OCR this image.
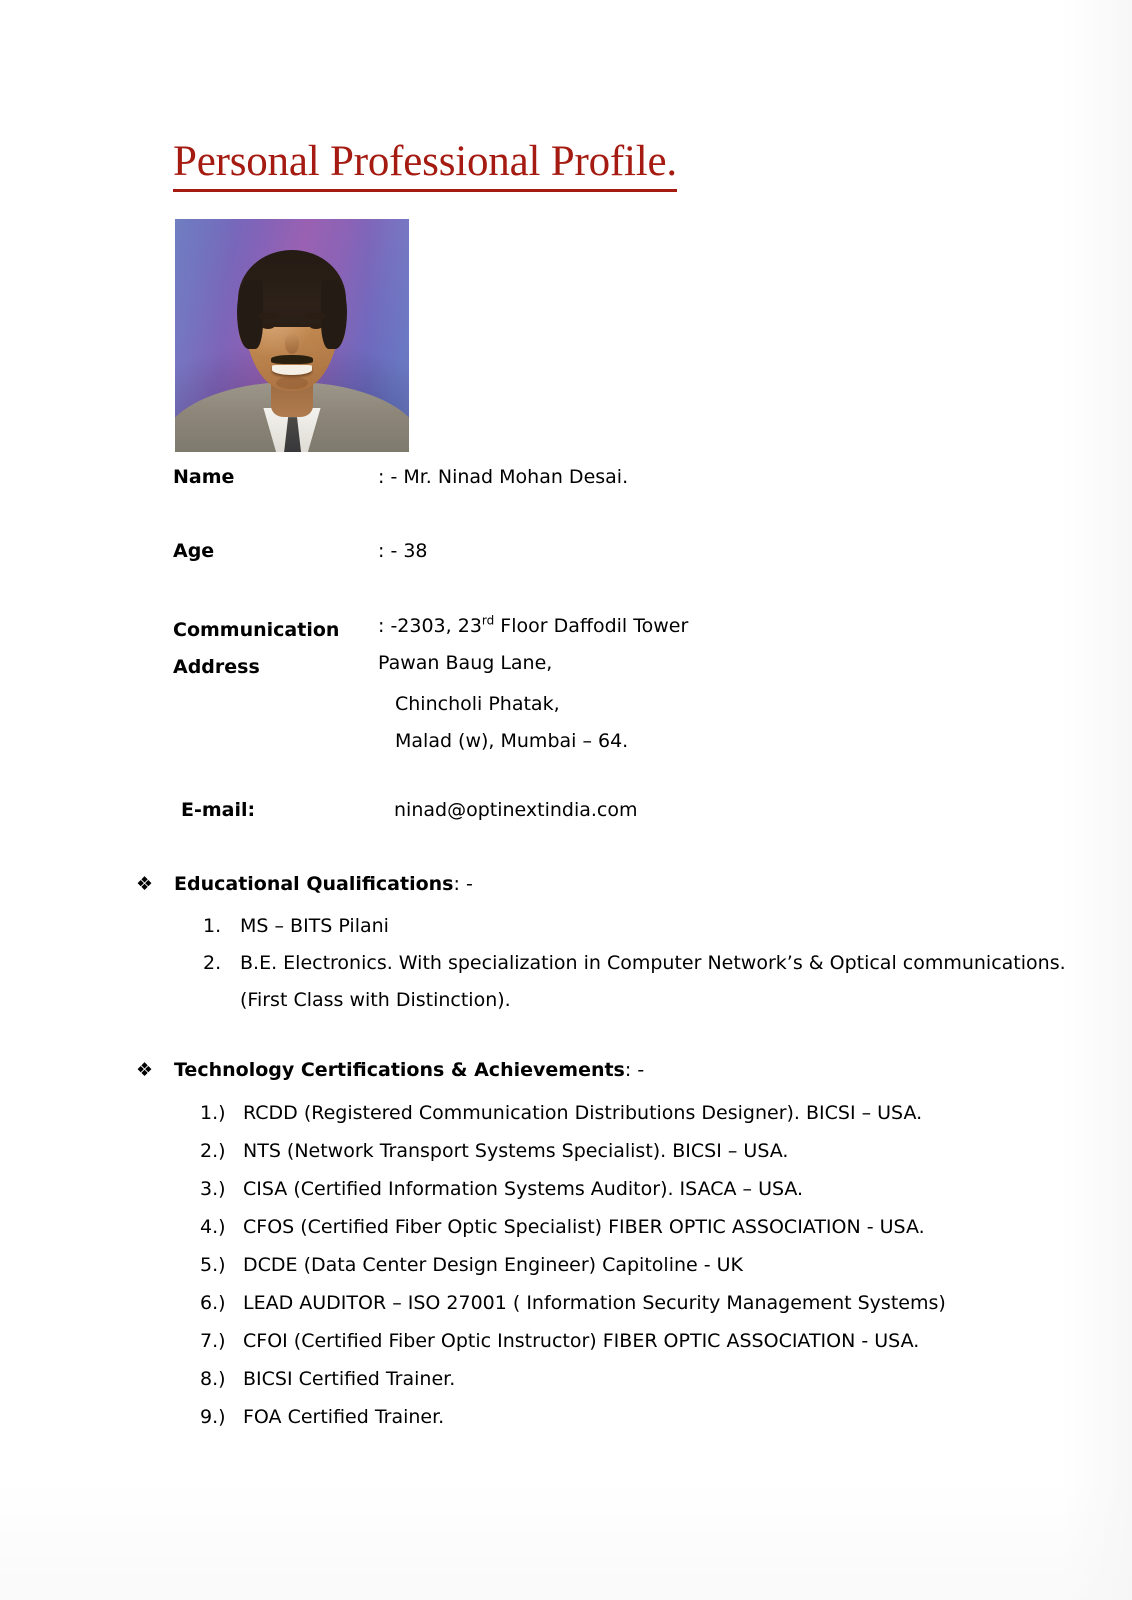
Personal Professional Profile.
Name	: - Mr. Ninad Mohan Desai.
Age	: - 38
Communication	: -2303, 23rd Floor Daffodil Tower
Address	Pawan Baug Lane,
Chincholi Phatak,
Malad (w), Mumbai – 64.
E-mail:	ninad@optinextindia.com
❖	Educational Qualifications : -
1. MS – BITS Pilani
2. B.E. Electronics. With specialization in Computer Network’s & Optical communications.
(First Class with Distinction).
❖	Technology Certifications & Achievements : -
1.) RCDD (Registered Communication Distributions Designer). BICSI – USA.
2.) NTS (Network Transport Systems Specialist). BICSI – USA.
3.) CISA (Certified Information Systems Auditor). ISACA – USA.
4.) CFOS (Certified Fiber Optic Specialist) FIBER OPTIC ASSOCIATION - USA.
5.) DCDE (Data Center Design Engineer) Capitoline - UK
6.) LEAD AUDITOR – ISO 27001 ( Information Security Management Systems)
7.) CFOI (Certified Fiber Optic Instructor) FIBER OPTIC ASSOCIATION - USA.
8.) BICSI Certified Trainer.
9.) FOA Certified Trainer.
